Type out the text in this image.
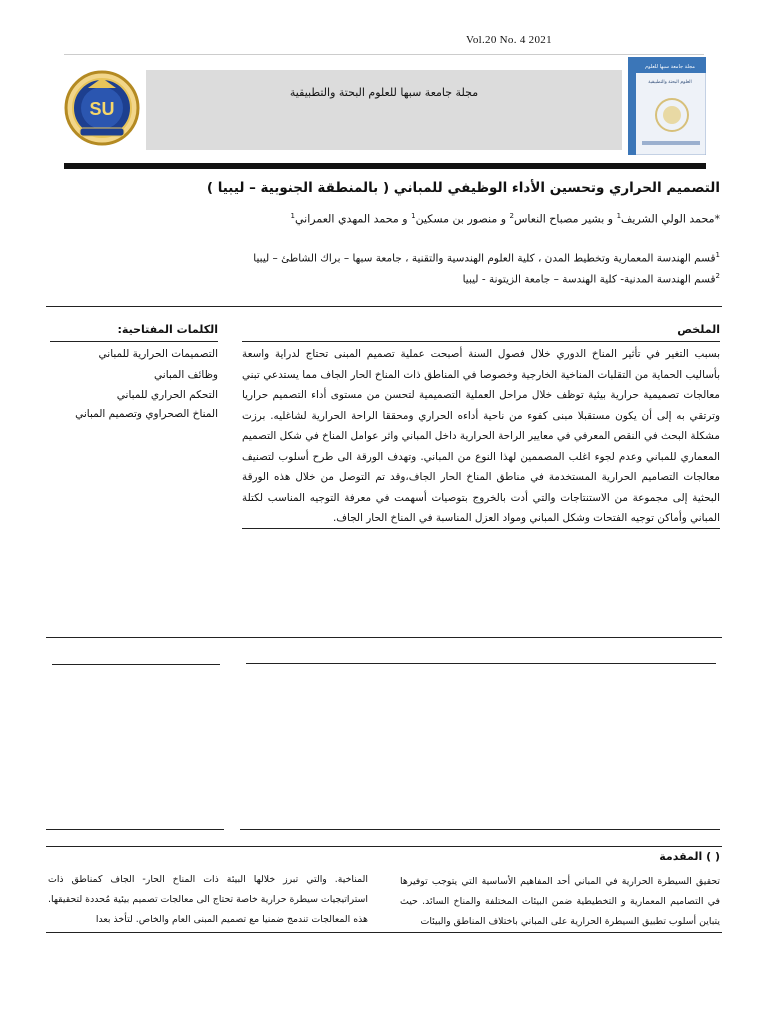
Vol.20 No. 4 2021
SU
مجلة جامعة سبها للعلوم البحتة والتطبيقية
مجلة جامعة سبها للعلوم
العلوم البحتة والتطبيقية
التصميم الحراري وتحسين الأداء الوظيفي للمباني ( بالمنطقة الجنوبية – ليبيا )
*محمد الولي الشريف$^1$ و بشير مصباح النعاس$^2$ و منصور بن مسكين$^1$ و محمد المهدي العمراني$^1$
$^1$قسم الهندسة المعمارية وتخطيط المدن ، كلية العلوم الهندسية والتقنية ، جامعة سبها – براك الشاطئ – ليبيا
$^2$قسم الهندسة المدنية- كلية الهندسة – جامعة الزيتونة - ليبيا
الملخص
بسبب التغير في تأثير المناخ الدوري خلال فصول السنة أصبحت عملية تصميم المبنى تحتاج لدراية واسعة بأساليب الحماية من التقلبات المناخية الخارجية وخصوصا في المناطق ذات المناخ الحار الجاف مما يستدعي تبني معالجات تصميمية حرارية بيئية توظف خلال مراحل العملية التصميمية لتحسن من مستوى أداء التصميم حراريا وترتقي به إلى أن يكون مستقبلا مبنى كفوء من ناحية أداءه الحراري ومحققا الراحة الحرارية لشاغليه. برزت مشكلة البحث في النقص المعرفي في معايير الراحة الحرارية داخل المباني واثر عوامل المناخ في شكل التصميم المعماري للمباني وعدم لجوء اغلب المصممين لهذا النوع من المباني. وتهدف الورقة الى طرح أسلوب لتصنيف معالجات التصاميم الحرارية المستخدمة في مناطق المناخ الحار الجاف،وقد تم التوصل من خلال هذه الورقة البحثية إلى مجموعة من الاستنتاجات والتي أدت بالخروج بتوصيات أسهمت في معرفة التوجيه المناسب لكتلة المباني وأماكن توجيه الفتحات وشكل المباني ومواد العزل المناسبة في المناخ الحار الجاف.
الكلمات المفتاحية:
التصميمات الحرارية للمباني
وظائف المباني
التحكم الحراري للمباني
المناخ الصحراوي وتصميم المباني
( ) المقدمة
تحقيق السيطرة الحرارية في المباني أحد المفاهيم الأساسية التي يتوجب توفيرها في التصاميم المعمارية و التخطيطية ضمن البيئات المختلفة والمناخ السائد. حيث يتباين أسلوب تطبيق السيطرة الحرارية على المباني باختلاف المناطق والبيئات
المناخية. والتي تبرز خلالها البيئة ذات المناخ الحار- الجاف كمناطق ذات استراتيجيات سيطرة حرارية خاصة تحتاج الى معالجات تصميم بيئية مُحددة لتحقيقها. هذه المعالجات تندمج ضمنيا مع تصميم المبنى العام والخاص. لتأخذ بعدا
